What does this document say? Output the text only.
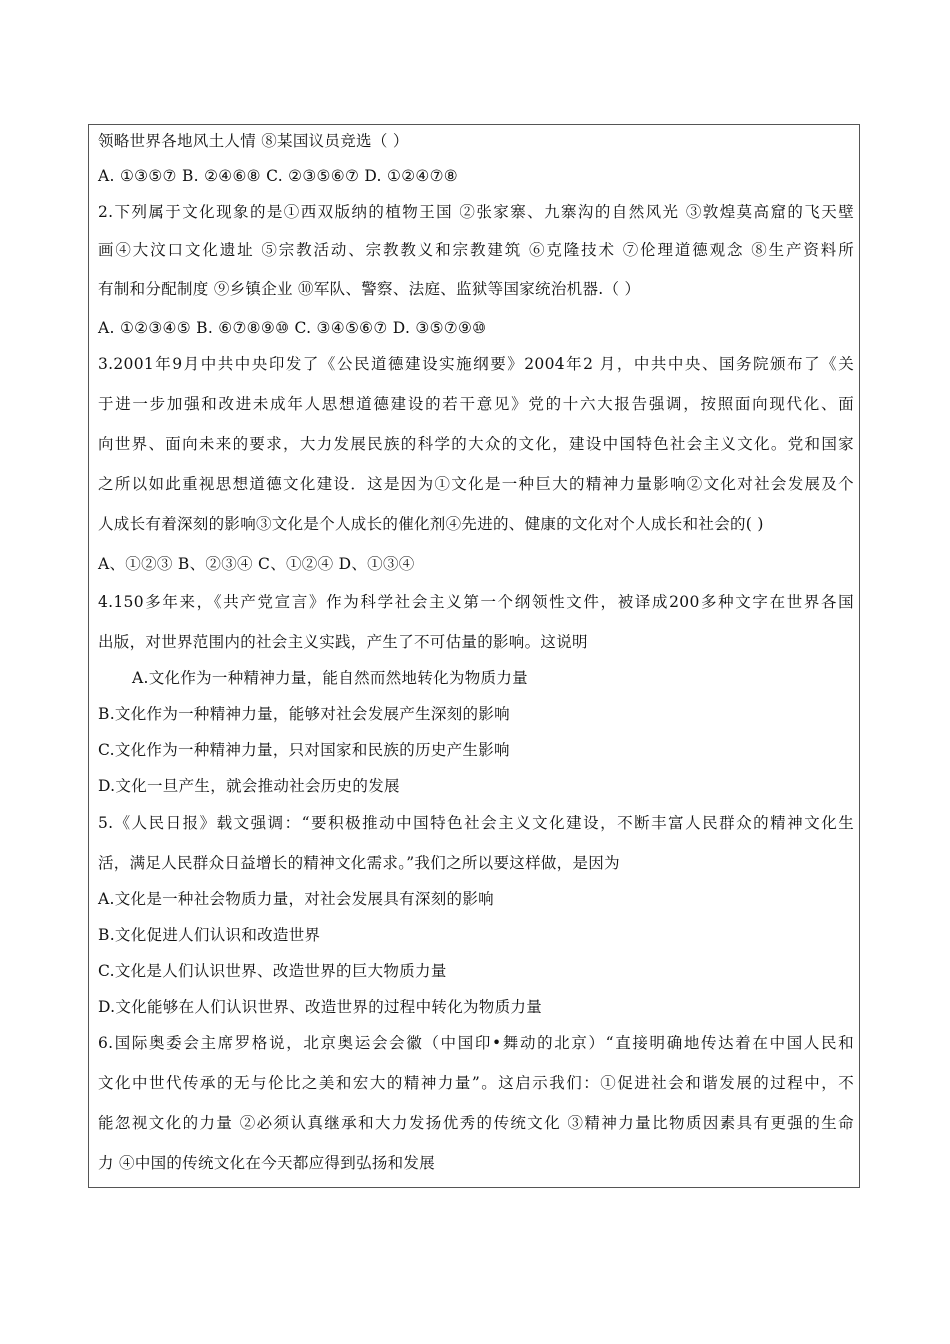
领略世界各地风土人情 ⑧某国议员竞选（ ）
A. ①③⑤⑦ B. ②④⑥⑧ C. ②③⑤⑥⑦ D. ①②④⑦⑧
2.下列属于文化现象的是①西双版纳的植物王国 ②张家寨、九寨沟的自然风光 ③敦煌莫高窟的飞天壁
画④大汶口文化遗址 ⑤宗教活动、宗教教义和宗教建筑 ⑥克隆技术 ⑦伦理道德观念 ⑧生产资料所
有制和分配制度 ⑨乡镇企业 ⑩军队、警察、法庭、监狱等国家统治机器.（ ）
A. ①②③④⑤ B. ⑥⑦⑧⑨⑩ C. ③④⑤⑥⑦ D. ③⑤⑦⑨⑩
3.2001年9月中共中央印发了《公民道德建设实施纲要》2004年2 月，中共中央、国务院颁布了《关
于进一步加强和改进未成年人思想道德建设的若干意见》党的十六大报告强调，按照面向现代化、面
向世界、面向未来的要求，大力发展民族的科学的大众的文化，建设中国特色社会主义文化。党和国家
之所以如此重视思想道德文化建设．这是因为①文化是一种巨大的精神力量影响②文化对社会发展及个
人成长有着深刻的影响③文化是个人成长的催化剂④先进的、健康的文化对个人成长和社会的( )
A、①②③ B、②③④ C、①②④ D、①③④
4.150多年来，《共产党宣言》作为科学社会主义第一个纲领性文件，被译成200多种文字在世界各国
出版，对世界范围内的社会主义实践，产生了不可估量的影响。这说明
A.文化作为一种精神力量，能自然而然地转化为物质力量
B.文化作为一种精神力量，能够对社会发展产生深刻的影响
C.文化作为一种精神力量，只对国家和民族的历史产生影响
D.文化一旦产生，就会推动社会历史的发展
5.《人民日报》载文强调：“要积极推动中国特色社会主义文化建设，不断丰富人民群众的精神文化生
活，满足人民群众日益增长的精神文化需求。”我们之所以要这样做，是因为
A.文化是一种社会物质力量，对社会发展具有深刻的影响
B.文化促进人们认识和改造世界
C.文化是人们认识世界、改造世界的巨大物质力量
D.文化能够在人们认识世界、改造世界的过程中转化为物质力量
6.国际奥委会主席罗格说，北京奥运会会徽（中国印•舞动的北京）“直接明确地传达着在中国人民和
文化中世代传承的无与伦比之美和宏大的精神力量”。这启示我们：①促进社会和谐发展的过程中，不
能忽视文化的力量 ②必须认真继承和大力发扬优秀的传统文化 ③精神力量比物质因素具有更强的生命
力 ④中国的传统文化在今天都应得到弘扬和发展
